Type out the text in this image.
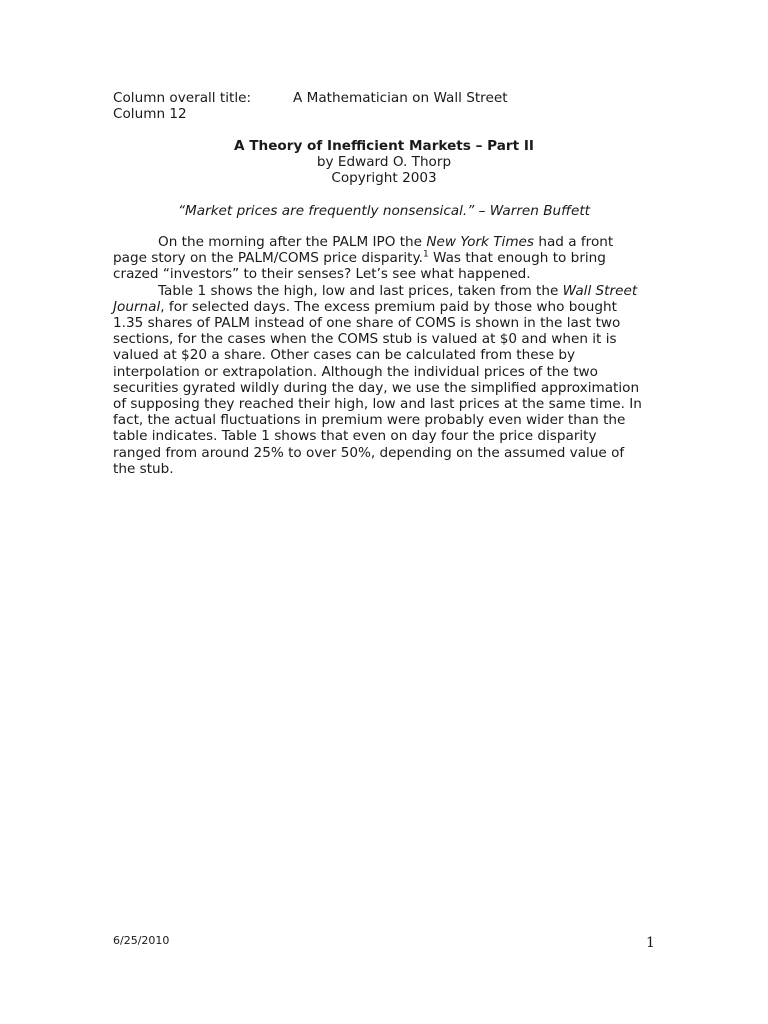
Column overall title:	A Mathematician on Wall Street
Column 12
A Theory of Inefficient Markets – Part II
by Edward O. Thorp
Copyright 2003
“Market prices are frequently nonsensical.” – Warren Buffett
On the morning after the PALM IPO the New York Times had a front
page story on the PALM/COMS price disparity.$^1$ Was that enough to bring
crazed “investors” to their senses? Let’s see what happened.
Table 1 shows the high, low and last prices, taken from the Wall Street
Journal, for selected days. The excess premium paid by those who bought
1.35 shares of PALM instead of one share of COMS is shown in the last two
sections, for the cases when the COMS stub is valued at $0 and when it is
valued at $20 a share. Other cases can be calculated from these by
interpolation or extrapolation. Although the individual prices of the two
securities gyrated wildly during the day, we use the simplified approximation
of supposing they reached their high, low and last prices at the same time. In
fact, the actual fluctuations in premium were probably even wider than the
table indicates. Table 1 shows that even on day four the price disparity
ranged from around 25% to over 50%, depending on the assumed value of
the stub.
6/25/2010	1
